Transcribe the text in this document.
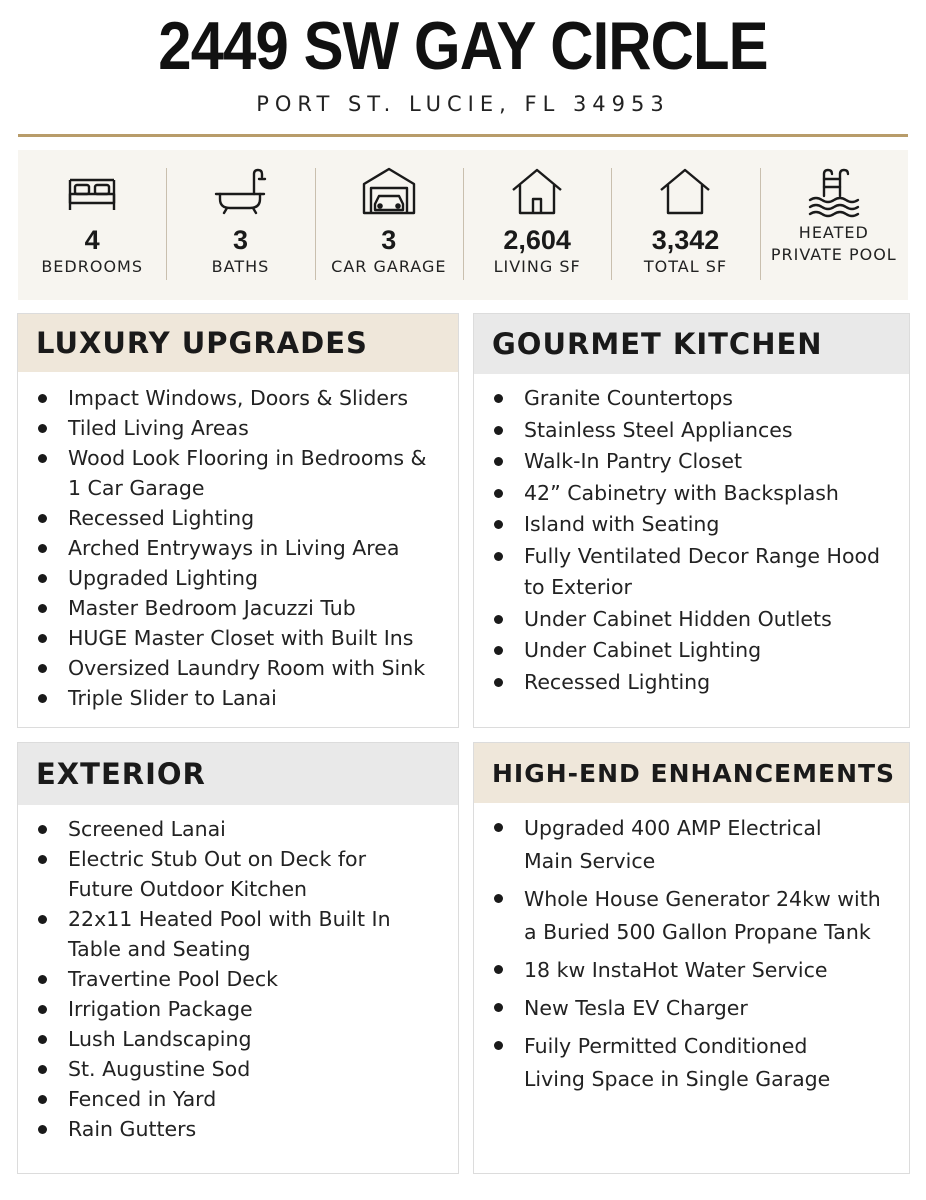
2449 SW GAY CIRCLE
PORT ST. LUCIE, FL 34953
4
BEDROOMS
3
BATHS
3
CAR GARAGE
2,604
LIVING SF
3,342
TOTAL SF
HEATED
PRIVATE POOL
LUXURY UPGRADES
Impact Windows, Doors & Sliders
Tiled Living Areas
Wood Look Flooring in Bedrooms & 1 Car Garage
Recessed Lighting
Arched Entryways in Living Area
Upgraded Lighting
Master Bedroom Jacuzzi Tub
HUGE Master Closet with Built Ins
Oversized Laundry Room with Sink
Triple Slider to Lanai
GOURMET KITCHEN
Granite Countertops
Stainless Steel Appliances
Walk-In Pantry Closet
42” Cabinetry with Backsplash
Island with Seating
Fully Ventilated Decor Range Hood to Exterior
Under Cabinet Hidden Outlets
Under Cabinet Lighting
Recessed Lighting
EXTERIOR
Screened Lanai
Electric Stub Out on Deck for Future Outdoor Kitchen
22x11 Heated Pool with Built In Table and Seating
Travertine Pool Deck
Irrigation Package
Lush Landscaping
St. Augustine Sod
Fenced in Yard
Rain Gutters
HIGH-END ENHANCEMENTS
Upgraded 400 AMP Electrical Main Service
Whole House Generator 24kw with a Buried 500 Gallon Propane Tank
18 kw InstaHot Water Service
New Tesla EV Charger
Fuily Permitted Conditioned Living Space in Single Garage
